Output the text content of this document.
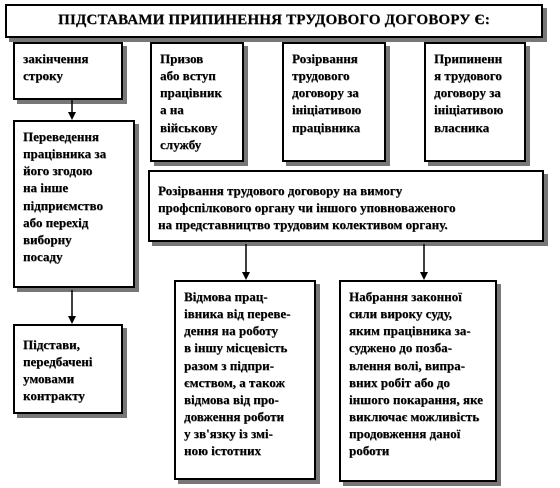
ПІДСТАВАМИ ПРИПИНЕННЯ ТРУДОВОГО ДОГОВОРУ Є:
закінчення
строку
Призов
або вступ
працівник
а на
військову
службу
Розірвання
трудового
договору за
ініціативою
працівника
Припиненн
я трудового
договору за
ініціативою
власника
Переведення
працівника за
його згодою
на інше
підприємство
або перехід
виборну
посаду
Розірвання трудового договору на вимогу
профспілкового органу чи іншого уповноваженого
на представництво трудовим колективом органу.
Підстави,
передбачені
умовами
контракту
Відмова прац-
івника від переве-
дення на роботу
в іншу місцевість
разом з підпри-
ємством, а також
відмова від про-
довження роботи
у зв'язку із змі-
ною істотних
Набрання законної
сили вироку суду,
яким працівника за-
суджено до позба-
влення волі, випра-
вних робіт або до
іншого покарання, яке
виключає можливість
продовження даної
роботи
